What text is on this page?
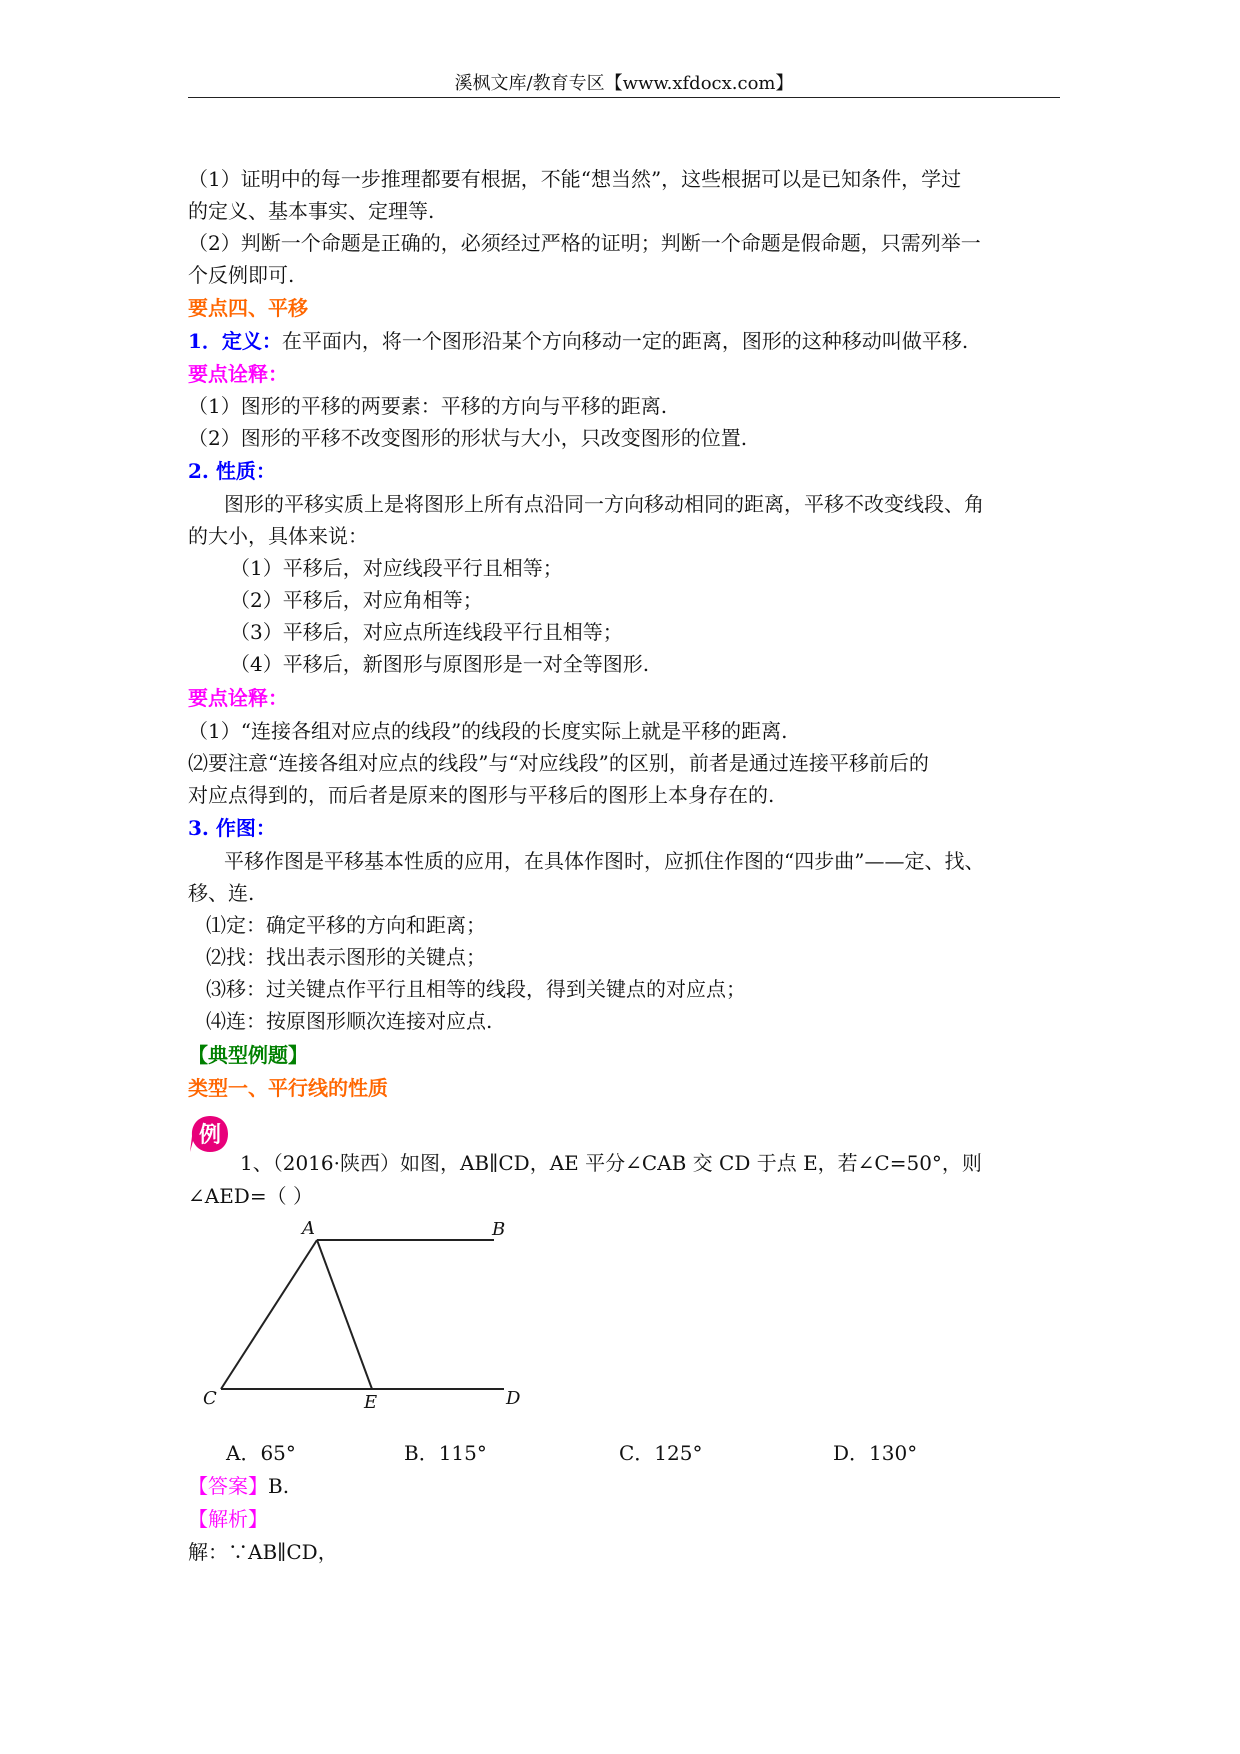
溪枫文库/教育专区【www.xfdocx.com】
（1）证明中的每一步推理都要有根据，不能“想当然”，这些根据可以是已知条件，学过
的定义、基本事实、定理等.
（2）判断一个命题是正确的，必须经过严格的证明；判断一个命题是假命题，只需列举一
个反例即可.
要点四、平移
1．定义：在平面内，将一个图形沿某个方向移动一定的距离，图形的这种移动叫做平移.
要点诠释：
（1）图形的平移的两要素：平移的方向与平移的距离.
（2）图形的平移不改变图形的形状与大小，只改变图形的位置.
2. 性质：
图形的平移实质上是将图形上所有点沿同一方向移动相同的距离，平移不改变线段、角
的大小，具体来说：
（1）平移后，对应线段平行且相等；
（2）平移后，对应角相等；
（3）平移后，对应点所连线段平行且相等；
（4）平移后，新图形与原图形是一对全等图形.
要点诠释：
（1）“连接各组对应点的线段”的线段的长度实际上就是平移的距离.
⑵要注意“连接各组对应点的线段”与“对应线段”的区别，前者是通过连接平移前后的
对应点得到的，而后者是原来的图形与平移后的图形上本身存在的.
3. 作图：
平移作图是平移基本性质的应用，在具体作图时，应抓住作图的“四步曲”——定、找、
移、连.
⑴定：确定平移的方向和距离；
⑵找：找出表示图形的关键点；
⑶移：过关键点作平行且相等的线段，得到关键点的对应点；
⑷连：按原图形顺次连接对应点.
【典型例题】
类型一、平行线的性质
例
1、（2016·陕西）如图，AB∥CD，AE 平分∠CAB 交 CD 于点 E，若∠C=50°，则
∠AED=（ ）
A	B
C	E	D
A．65°	B．115°	C．125°	D．130°
【答案】B.
【解析】
解：∵AB∥CD，
